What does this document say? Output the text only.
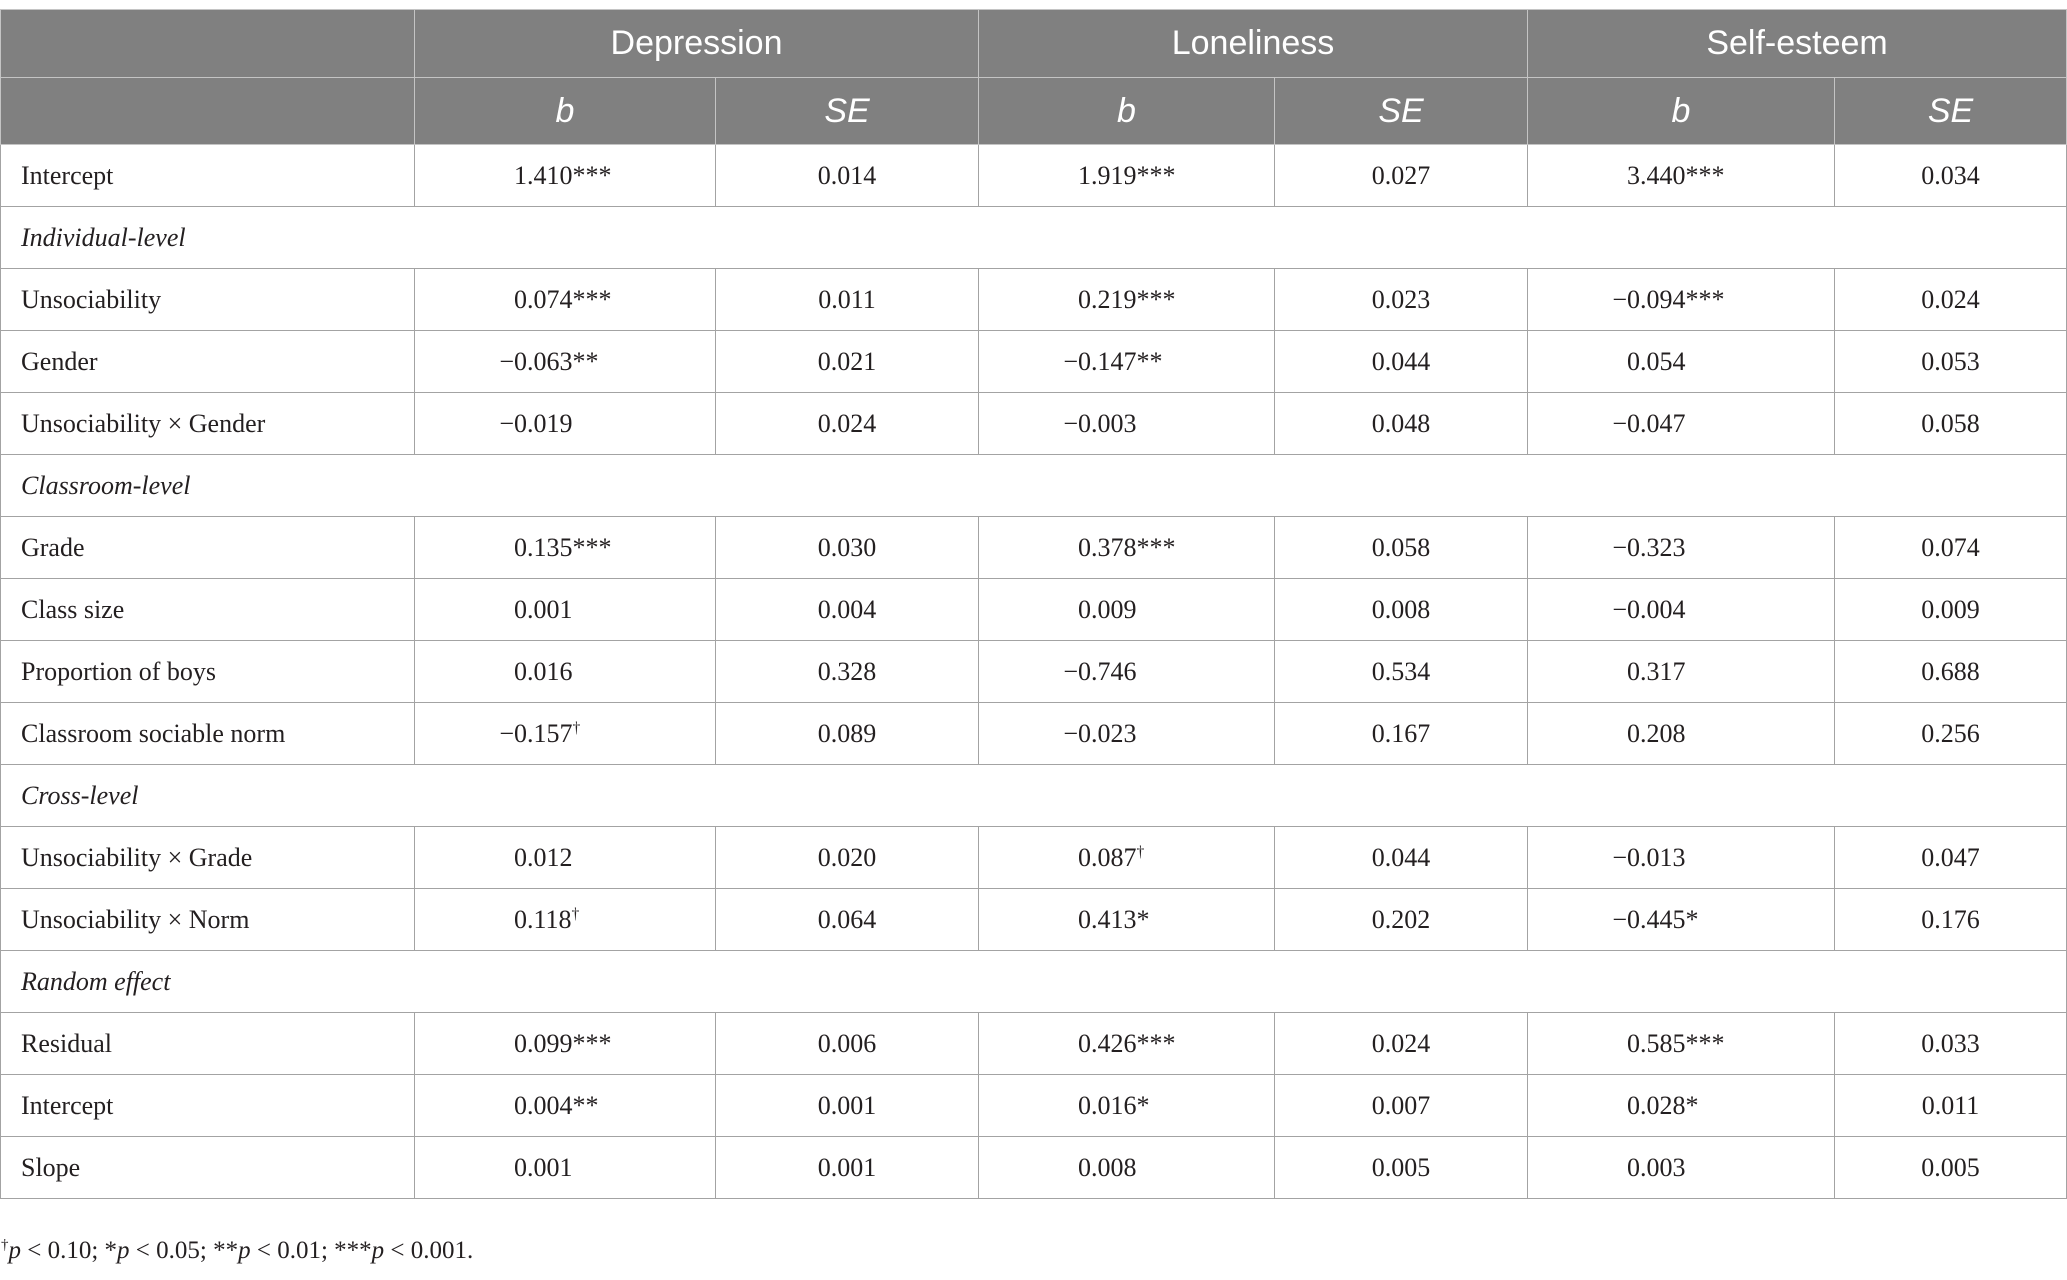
	Depression		Loneliness		Self-esteem	
	b	SE	b	SE	b	SE
Intercept	1.410***	0.014	1.919***	0.027	3.440***	0.034
Individual-level						
Unsociability	0.074***	0.011	0.219***	0.023	−0.094***	0.024
Gender	−0.063**	0.021	−0.147**	0.044	0.054	0.053
Unsociability × Gender	−0.019	0.024	−0.003	0.048	−0.047	0.058
Classroom-level						
Grade	0.135***	0.030	0.378***	0.058	−0.323	0.074
Class size	0.001	0.004	0.009	0.008	−0.004	0.009
Proportion of boys	0.016	0.328	−0.746	0.534	0.317	0.688
Classroom sociable norm	−0.157†	0.089	−0.023	0.167	0.208	0.256
Cross-level						
Unsociability × Grade	0.012	0.020	0.087†	0.044	−0.013	0.047
Unsociability × Norm	0.118†	0.064	0.413*	0.202	−0.445*	0.176
Random effect						
Residual	0.099***	0.006	0.426***	0.024	0.585***	0.033
Intercept	0.004**	0.001	0.016*	0.007	0.028*	0.011
Slope	0.001	0.001	0.008	0.005	0.003	0.005
†p < 0.10; *p < 0.05; **p < 0.01; ***p < 0.001.
